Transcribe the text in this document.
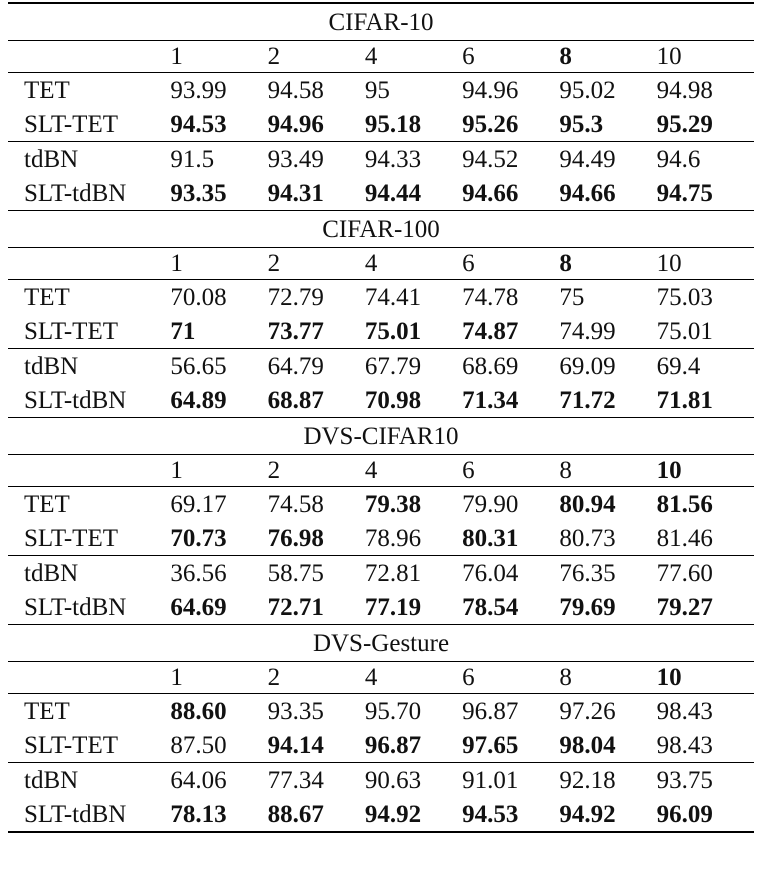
CIFAR-10						
	1	2	4	6	8	10
TET	93.99	94.58	95	94.96	95.02	94.98
SLT-TET	94.53	94.96	95.18	95.26	95.3	95.29
tdBN	91.5	93.49	94.33	94.52	94.49	94.6
SLT-tdBN	93.35	94.31	94.44	94.66	94.66	94.75
CIFAR-100						
	1	2	4	6	8	10
TET	70.08	72.79	74.41	74.78	75	75.03
SLT-TET	71	73.77	75.01	74.87	74.99	75.01
tdBN	56.65	64.79	67.79	68.69	69.09	69.4
SLT-tdBN	64.89	68.87	70.98	71.34	71.72	71.81
DVS-CIFAR10						
	1	2	4	6	8	10
TET	69.17	74.58	79.38	79.90	80.94	81.56
SLT-TET	70.73	76.98	78.96	80.31	80.73	81.46
tdBN	36.56	58.75	72.81	76.04	76.35	77.60
SLT-tdBN	64.69	72.71	77.19	78.54	79.69	79.27
DVS-Gesture						
	1	2	4	6	8	10
TET	88.60	93.35	95.70	96.87	97.26	98.43
SLT-TET	87.50	94.14	96.87	97.65	98.04	98.43
tdBN	64.06	77.34	90.63	91.01	92.18	93.75
SLT-tdBN	78.13	88.67	94.92	94.53	94.92	96.09
